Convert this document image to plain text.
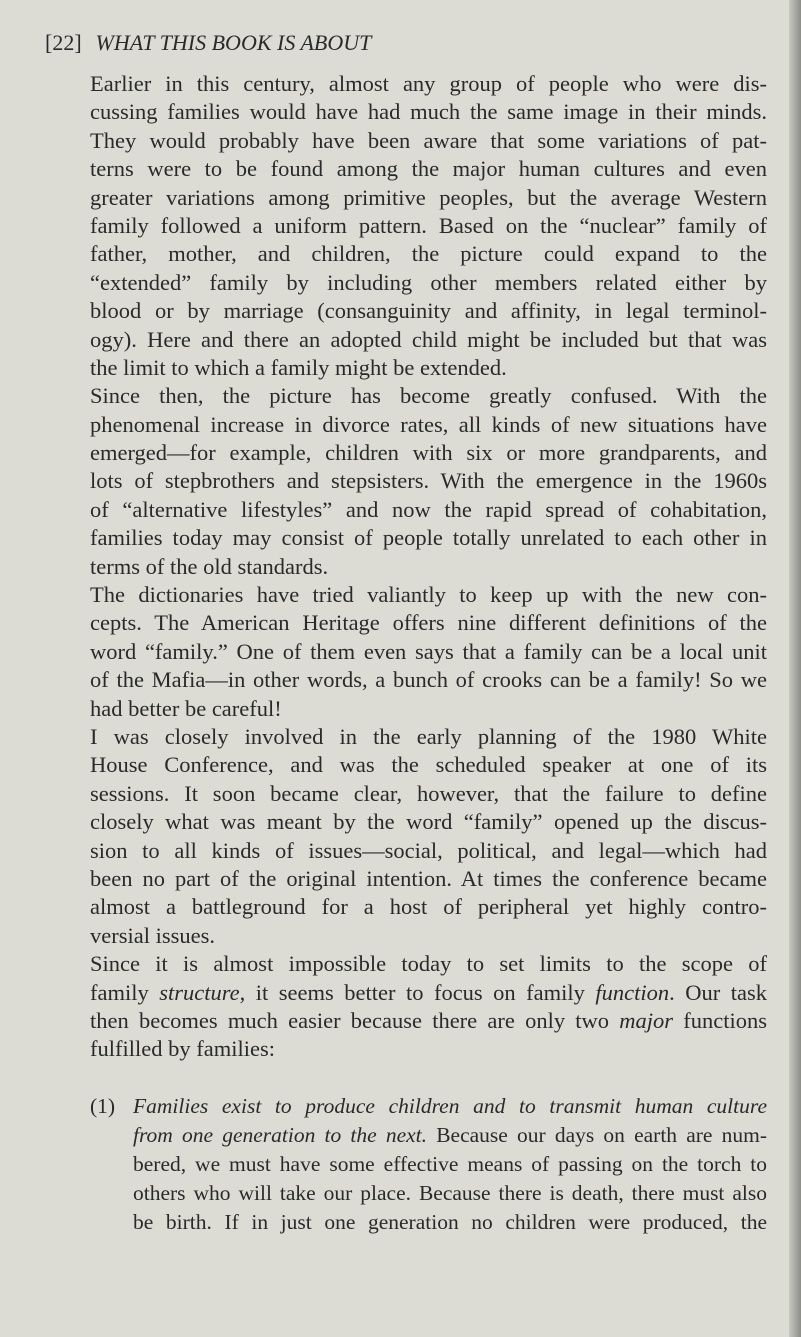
[22] WHAT THIS BOOK IS ABOUT
Earlier in this century, almost any group of people who were dis-
cussing families would have had much the same image in their minds.
They would probably have been aware that some variations of pat-
terns were to be found among the major human cultures and even
greater variations among primitive peoples, but the average Western
family followed a uniform pattern. Based on the “nuclear” family of
father, mother, and children, the picture could expand to the
“extended” family by including other members related either by
blood or by marriage (consanguinity and affinity, in legal terminol-
ogy). Here and there an adopted child might be included but that was
the limit to which a family might be extended.
Since then, the picture has become greatly confused. With the
phenomenal increase in divorce rates, all kinds of new situations have
emerged—for example, children with six or more grandparents, and
lots of stepbrothers and stepsisters. With the emergence in the 1960s
of “alternative lifestyles” and now the rapid spread of cohabitation,
families today may consist of people totally unrelated to each other in
terms of the old standards.
The dictionaries have tried valiantly to keep up with the new con-
cepts. The American Heritage offers nine different definitions of the
word “family.” One of them even says that a family can be a local unit
of the Mafia—in other words, a bunch of crooks can be a family! So we
had better be careful!
I was closely involved in the early planning of the 1980 White
House Conference, and was the scheduled speaker at one of its
sessions. It soon became clear, however, that the failure to define
closely what was meant by the word “family” opened up the discus-
sion to all kinds of issues—social, political, and legal—which had
been no part of the original intention. At times the conference became
almost a battleground for a host of peripheral yet highly contro-
versial issues.
Since it is almost impossible today to set limits to the scope of
family structure, it seems better to focus on family function. Our task
then becomes much easier because there are only two major functions
fulfilled by families:
(1) Families exist to produce children and to transmit human culture
from one generation to the next. Because our days on earth are num-
bered, we must have some effective means of passing on the torch to
others who will take our place. Because there is death, there must also
be birth. If in just one generation no children were produced, the
